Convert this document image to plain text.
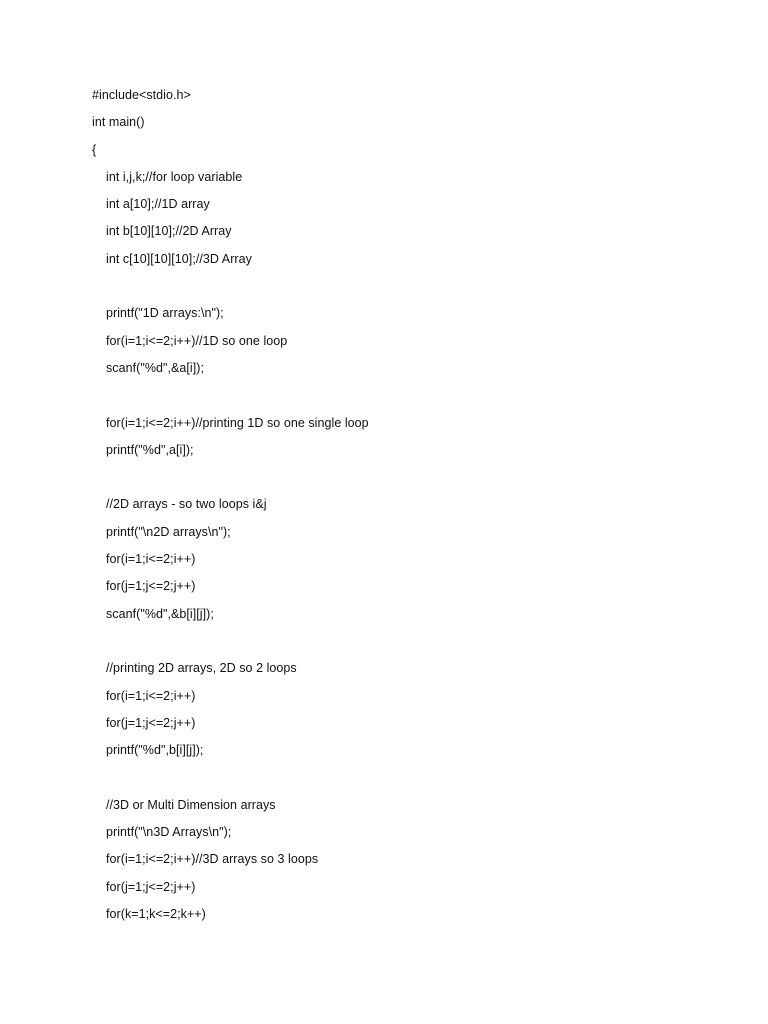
#include<stdio.h>
int main()
{
int i,j,k;//for loop variable
int a[10];//1D array
int b[10][10];//2D Array
int c[10][10][10];//3D Array
printf("1D arrays:\n");
for(i=1;i<=2;i++)//1D so one loop
scanf("%d",&a[i]);
for(i=1;i<=2;i++)//printing 1D so one single loop
printf("%d",a[i]);
//2D arrays - so two loops i&j
printf("\n2D arrays\n");
for(i=1;i<=2;i++)
for(j=1;j<=2;j++)
scanf("%d",&b[i][j]);
//printing 2D arrays, 2D so 2 loops
for(i=1;i<=2;i++)
for(j=1;j<=2;j++)
printf("%d",b[i][j]);
//3D or Multi Dimension arrays
printf("\n3D Arrays\n");
for(i=1;i<=2;i++)//3D arrays so 3 loops
for(j=1;j<=2;j++)
for(k=1;k<=2;k++)
